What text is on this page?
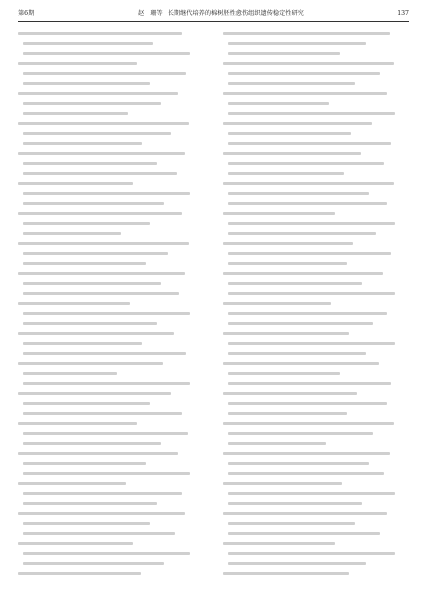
第6期	赵　珊等 长期继代培养的棉树胚性愈伤组织遗传稳定性研究	137
